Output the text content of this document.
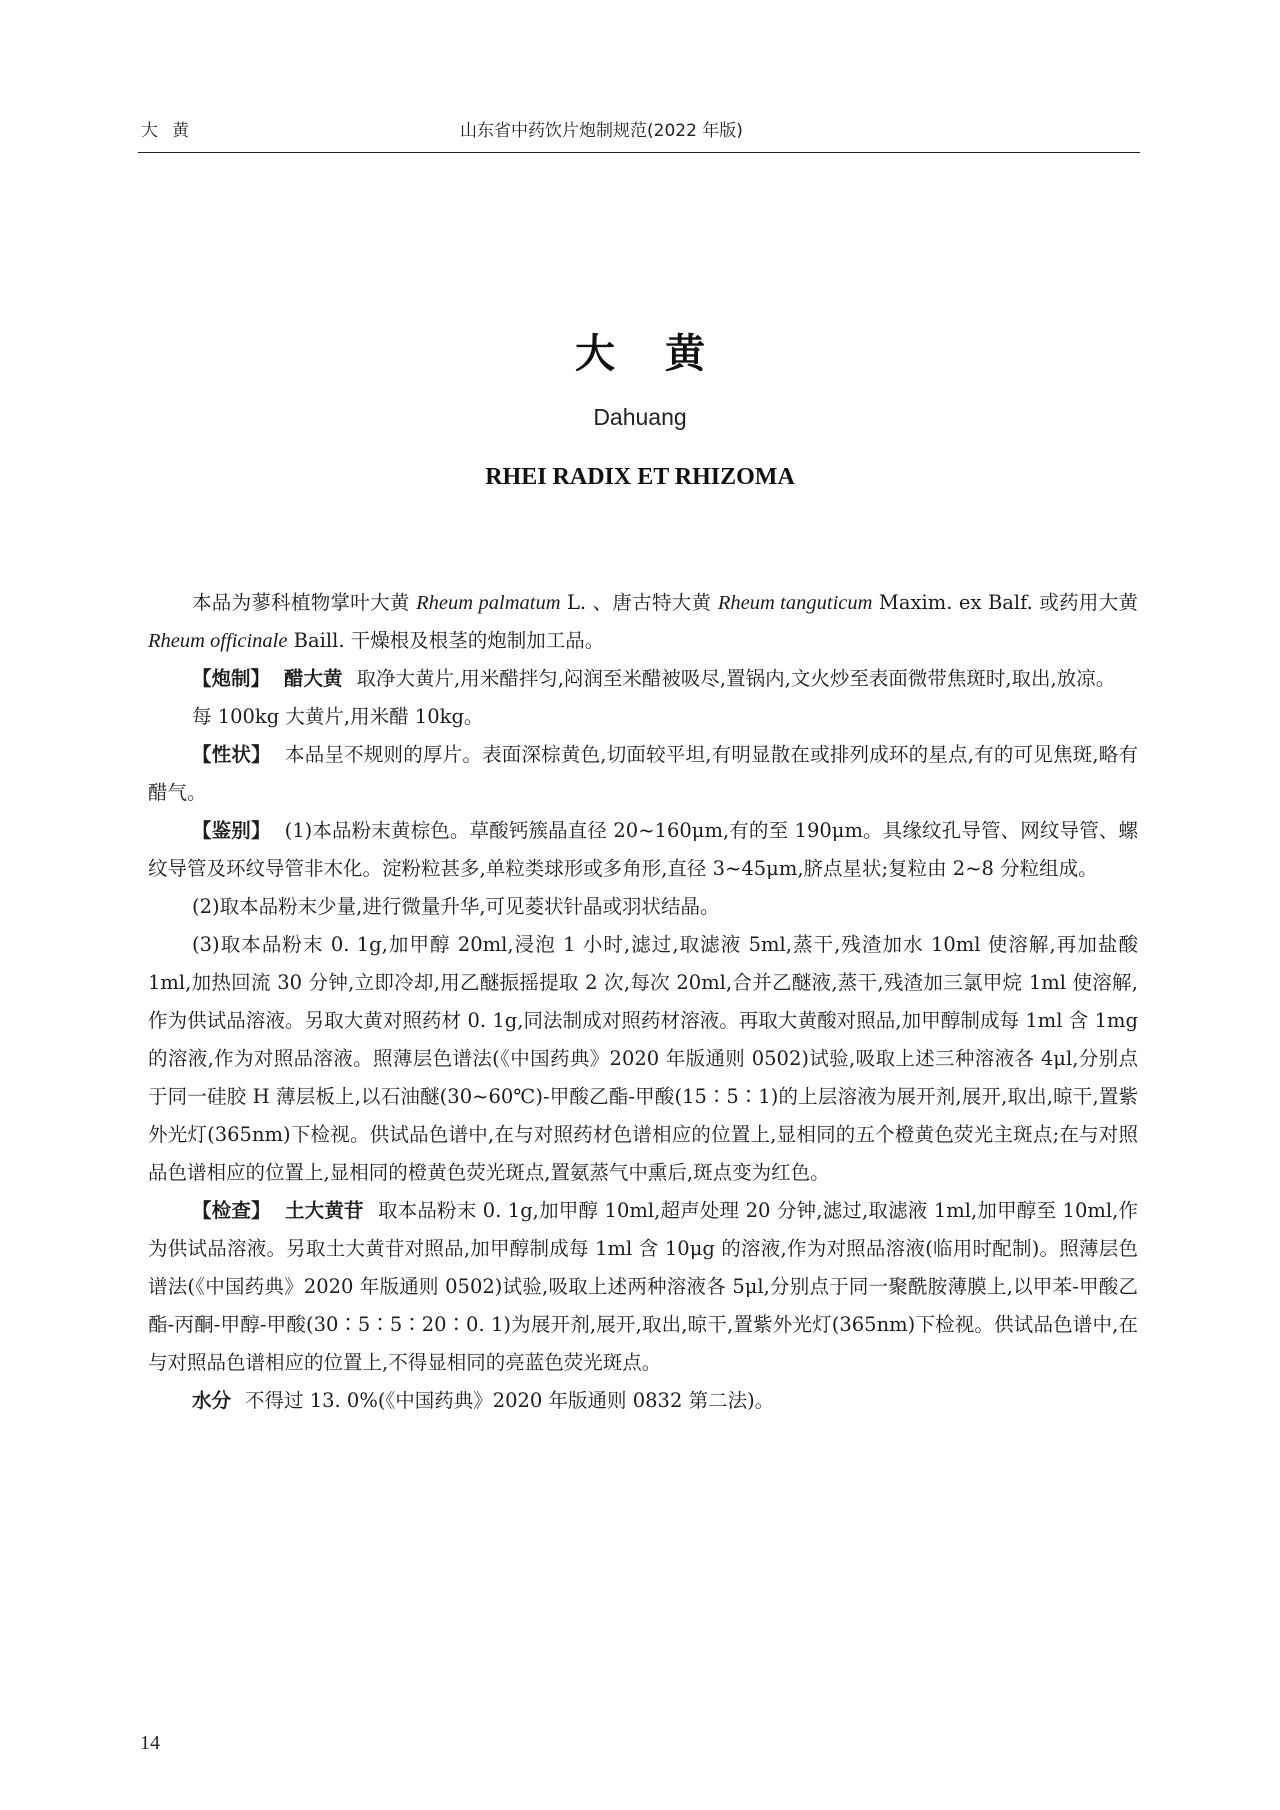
大黄	山东省中药饮片炮制规范(2022 年版)
大黄
Dahuang
RHEI RADIX ET RHIZOMA

本品为蓼科植物掌叶大黄 Rheum palmatum L. 、唐古特大黄 Rheum tanguticum Maxim. ex Balf. 或药用大黄 Rheum officinale Baill. 干燥根及根茎的炮制加工品。

【炮制】 醋大黄 取净大黄片,用米醋拌匀,闷润至米醋被吸尽,置锅内,文火炒至表面微带焦斑时,取出,放凉。

每 100kg 大黄片,用米醋 10kg。

【性状】 本品呈不规则的厚片。表面深棕黄色,切面较平坦,有明显散在或排列成环的星点,有的可见焦斑,略有醋气。

【鉴别】 (1)本品粉末黄棕色。草酸钙簇晶直径 20~160μm,有的至 190μm。具缘纹孔导管、网纹导管、螺纹导管及环纹导管非木化。淀粉粒甚多,单粒类球形或多角形,直径 3~45μm,脐点星状;复粒由 2~8 分粒组成。

(2)取本品粉末少量,进行微量升华,可见菱状针晶或羽状结晶。

(3)取本品粉末 0. 1g,加甲醇 20ml,浸泡 1 小时,滤过,取滤液 5ml,蒸干,残渣加水 10ml 使溶解,再加盐酸 1ml,加热回流 30 分钟,立即冷却,用乙醚振摇提取 2 次,每次 20ml,合并乙醚液,蒸干,残渣加三氯甲烷 1ml 使溶解,作为供试品溶液。另取大黄对照药材 0. 1g,同法制成对照药材溶液。再取大黄酸对照品,加甲醇制成每 1ml 含 1mg 的溶液,作为对照品溶液。照薄层色谱法(《中国药典》2020 年版通则 0502)试验,吸取上述三种溶液各 4μl,分别点于同一硅胶 H 薄层板上,以石油醚(30~60℃)-甲酸乙酯-甲酸(15∶5∶1)的上层溶液为展开剂,展开,取出,晾干,置紫外光灯(365nm)下检视。供试品色谱中,在与对照药材色谱相应的位置上,显相同的五个橙黄色荧光主斑点;在与对照品色谱相应的位置上,显相同的橙黄色荧光斑点,置氨蒸气中熏后,斑点变为红色。

【检查】 土大黄苷 取本品粉末 0. 1g,加甲醇 10ml,超声处理 20 分钟,滤过,取滤液 1ml,加甲醇至 10ml,作为供试品溶液。另取土大黄苷对照品,加甲醇制成每 1ml 含 10μg 的溶液,作为对照品溶液(临用时配制)。照薄层色谱法(《中国药典》2020 年版通则 0502)试验,吸取上述两种溶液各 5μl,分别点于同一聚酰胺薄膜上,以甲苯-甲酸乙酯-丙酮-甲醇-甲酸(30∶5∶5∶20∶0. 1)为展开剂,展开,取出,晾干,置紫外光灯(365nm)下检视。供试品色谱中,在与对照品色谱相应的位置上,不得显相同的亮蓝色荧光斑点。

水分 不得过 13. 0%(《中国药典》2020 年版通则 0832 第二法)。

14
